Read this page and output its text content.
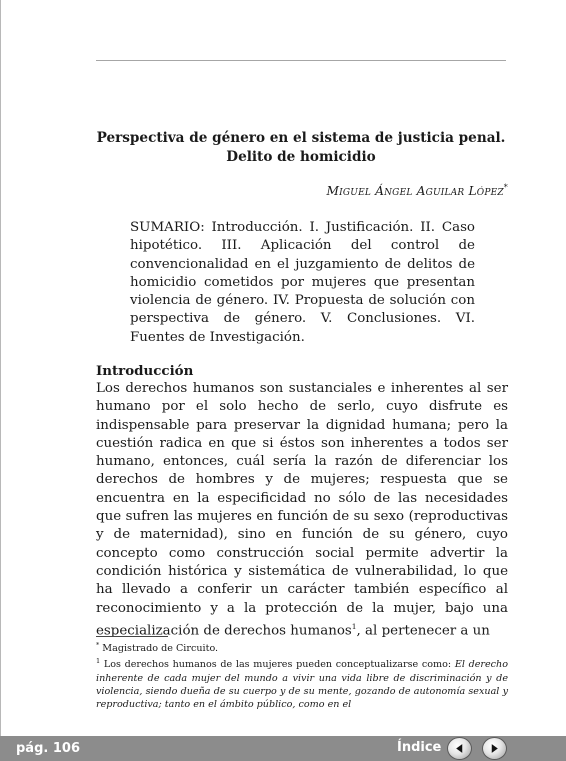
Perspectiva de género en el sistema de justicia penal.
Delito de homicidio
Miguel Ángel Aguilar López*
SUMARIO: Introducción. I. Justificación. II. Caso hipotético. III. Aplicación del control de convencionalidad en el juzgamiento de delitos de homicidio cometidos por mujeres que presentan violencia de género. IV. Propuesta de solución con perspectiva de género. V. Conclusiones. VI. Fuentes de Investigación.
Introducción
Los derechos humanos son sustanciales e inherentes al ser humano por el solo hecho de serlo, cuyo disfrute es indispensable para preservar la dignidad humana; pero la cuestión radica en que si éstos son inherentes a todos ser humano, entonces, cuál sería la razón de diferenciar los derechos de hombres y de mujeres; respuesta que se encuentra en la especificidad no sólo de las necesidades que sufren las mujeres en función de su sexo (reproductivas y de maternidad), sino en función de su género, cuyo concepto como construcción social permite advertir la condición histórica y sistemática de vulnerabilidad, lo que ha llevado a conferir un carácter también específico al reconocimiento y a la protección de la mujer, bajo una especialización de derechos humanos$^1$, al pertenecer a un

* Magistrado de Circuito.

$^1$ Los derechos humanos de las mujeres pueden conceptualizarse como: El derecho inherente de cada mujer del mundo a vivir una vida libre de discriminación y de violencia, siendo dueña de su cuerpo y de su mente, gozando de autonomía sexual y reproductiva; tanto en el ámbito público, como en el

pág. 106	Índice
